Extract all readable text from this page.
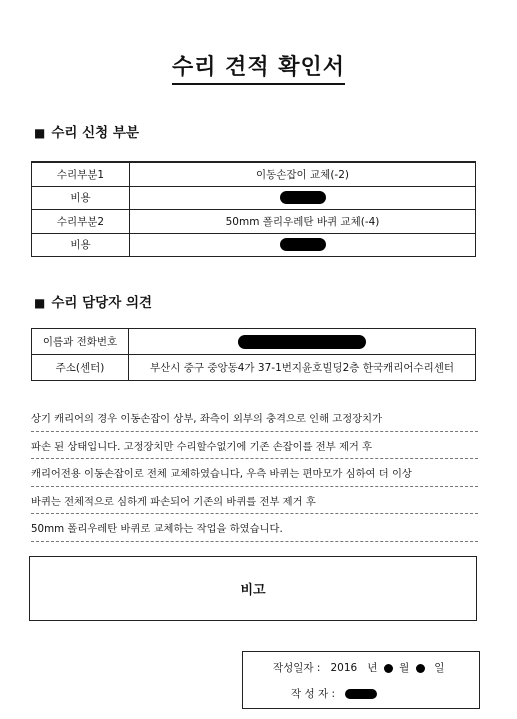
수리 견적 확인서
■ 수리 신청 부분
수리부분1	이동손잡이 교체(-2)
비용	
수리부분2	50mm 폴리우레탄 바퀴 교체(-4)
비용	
■ 수리 담당자 의견
이름과 전화번호	
주소(센터)	부산시 중구 중앙동4가 37-1번지윤호빌딩2층 한국캐리어수리센터
상기 캐리어의 경우 이동손잡이 상부, 좌측이 외부의 충격으로 인해 고정장치가
파손 된 상태입니다. 고정장치만 수리할수없기에 기존 손잡이를 전부 제거 후
캐리어전용 이동손잡이로 전체 교체하였습니다, 우측 바퀴는 편마모가 심하여 더 이상
바퀴는 전체적으로 심하게 파손되어 기존의 바퀴를 전부 제거 후
50mm 폴리우레탄 바퀴로 교체하는 작업을 하였습니다.
비고
작성일자 : 2016 년 월 일
작 성 자 :
